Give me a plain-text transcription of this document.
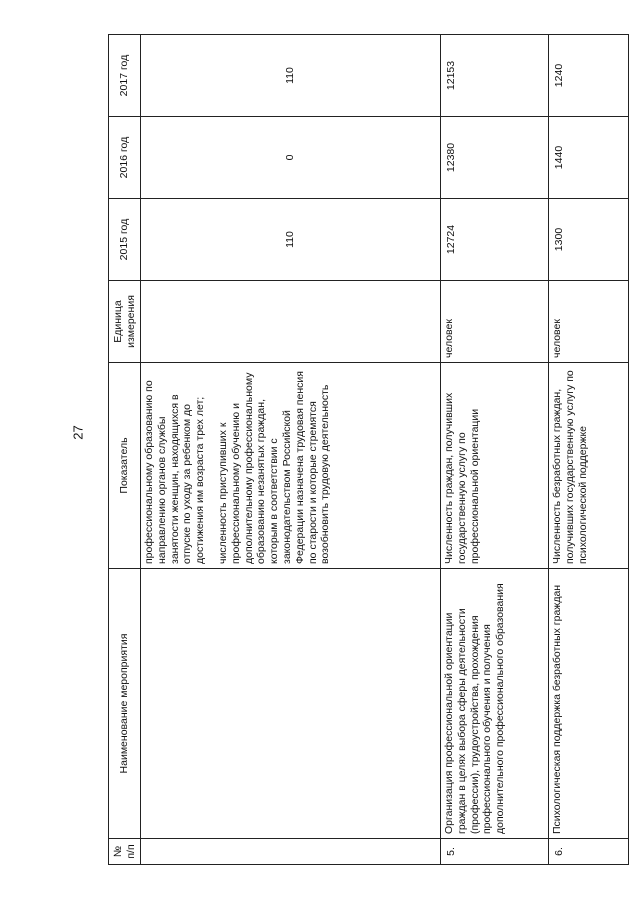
27
№ п/п	Наименование мероприятия	Показатель	Единица измерения	2015 год	2016 год	2017 год

		профессиональному образованию по направлению органов службы занятости женщин, находящихся в отпуске по уходу за ребенком до достижения им возраста трех лет; численность приступивших к профессиональному обучению и дополнительному профессиональному образованию незанятых граждан, которым в соответствии с законодательством Российской Федерации назначена трудовая пенсия по старости и которые стремятся возобновить трудовую деятельность		110	0	110
5.	Организация профессиональной ориентации граждан в целях выбора сферы деятельности (профессии), трудоустройства, прохождения профессионального обучения и получения дополнительного профессионального образования	Численность граждан, получивших государственную услугу по профессиональной ориентации	человек	12724	12380	12153
6.	Психологическая поддержка безработных граждан	Численность безработных граждан, получивших государственную услугу по психологической поддержке	человек	1300	1440	1240
